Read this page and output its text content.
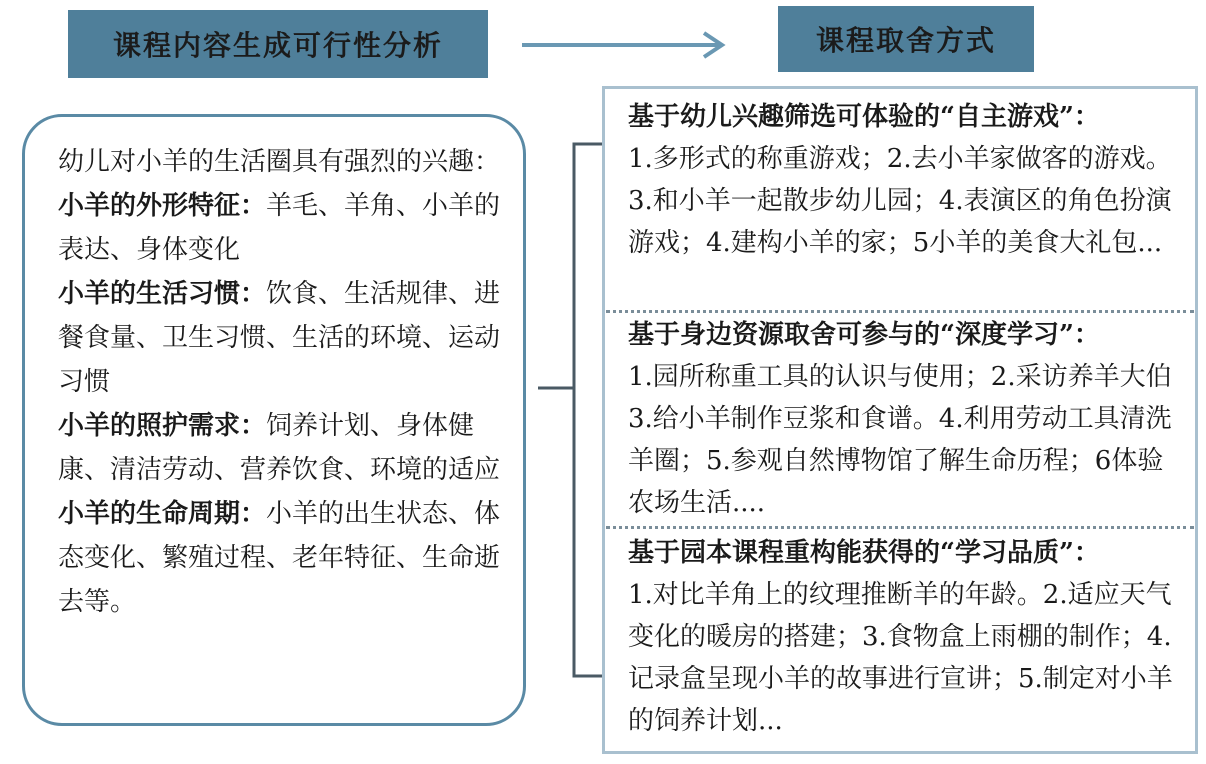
课程内容生成可行性分析	课程取舍方式

幼儿对小羊的生活圈具有强烈的兴趣：

小羊的外形特征：羊毛、羊角、小羊的表达、身体变化

小羊的生活习惯：饮食、生活规律、进餐食量、卫生习惯、生活的环境、运动习惯

小羊的照护需求：饲养计划、身体健康、清洁劳动、营养饮食、环境的适应

小羊的生命周期：小羊的出生状态、体态变化、繁殖过程、老年特征、生命逝去等。

基于幼儿兴趣筛选可体验的“自主游戏”：
1.多形式的称重游戏；2.去小羊家做客的游戏。3.和小羊一起散步幼儿园；4.表演区的角色扮演游戏；4.建构小羊的家；5小羊的美食大礼包...
基于身边资源取舍可参与的“深度学习”：
1.园所称重工具的认识与使用；2.采访养羊大伯 3.给小羊制作豆浆和食谱。4.利用劳动工具清洗羊圈；5.参观自然博物馆了解生命历程；6体验农场生活....
基于园本课程重构能获得的“学习品质”：
1.对比羊角上的纹理推断羊的年龄。2.适应天气变化的暖房的搭建；3.食物盒上雨棚的制作；4.记录盒呈现小羊的故事进行宣讲；5.制定对小羊的饲养计划...
